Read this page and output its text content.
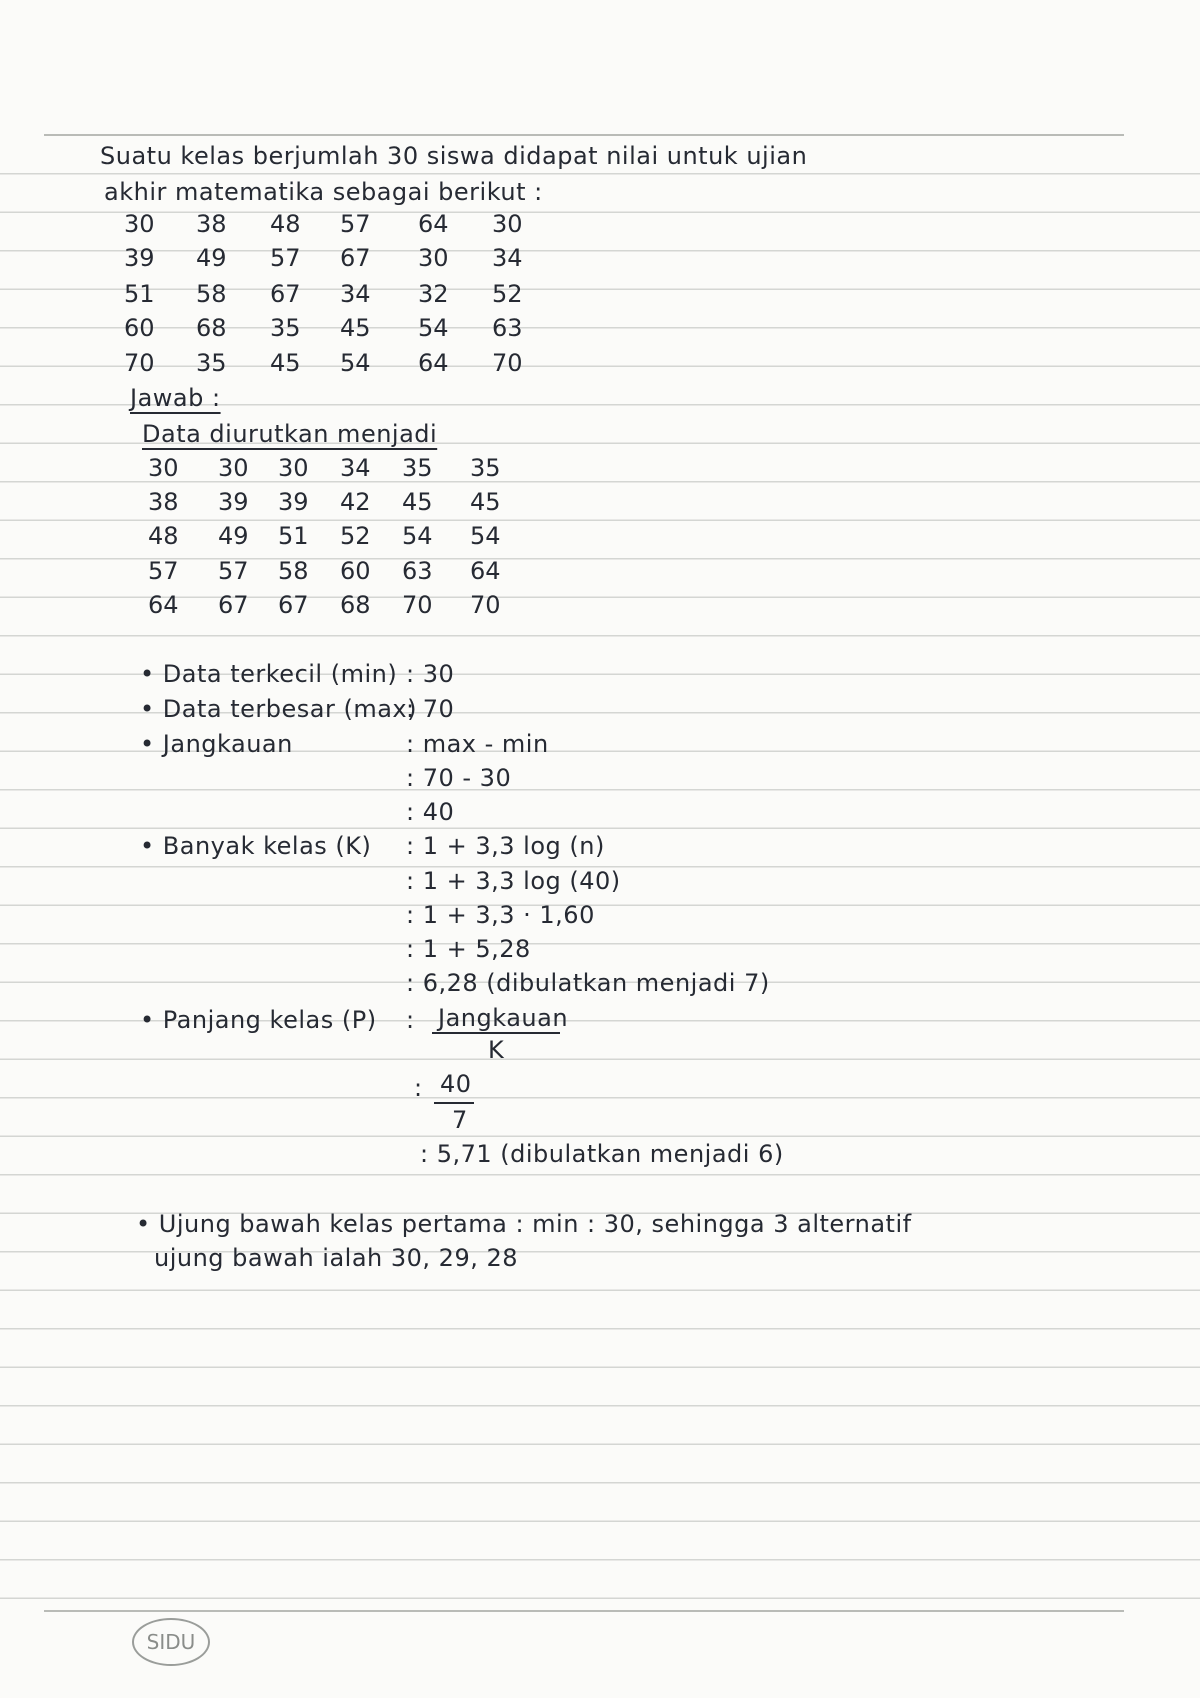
Suatu kelas berjumlah 30 siswa didapat nilai untuk ujian
akhir matematika sebagai berikut :
30	38	48	57	64	30
39	49	57	67	30	34
51	58	67	34	32	52
60	68	35	45	54	63
70	35	45	54	64	70
Jawab :
Data diurutkan menjadi
30	30	30	34	35	35
38	39	39	42	45	45
48	49	51	52	54	54
57	57	58	60	63	64
64	67	67	68	70	70
• Data terkecil (min) : 30
• Data terbesar (max)
: 70
• Jangkauan	: max - min
: 70 - 30
: 40
• Banyak kelas (K) : 1 + 3,3 log (n)
: 1 + 3,3 log (40)
: 1 + 3,3 · 1,60
: 1 + 5,28
: 6,28 (dibulatkan menjadi 7)
• Panjang kelas (P) : Jangkauan
K
: 40
7
: 5,71 (dibulatkan menjadi 6)
• Ujung bawah kelas pertama : min : 30, sehingga 3 alternatif
ujung bawah ialah 30, 29, 28
SIDU
